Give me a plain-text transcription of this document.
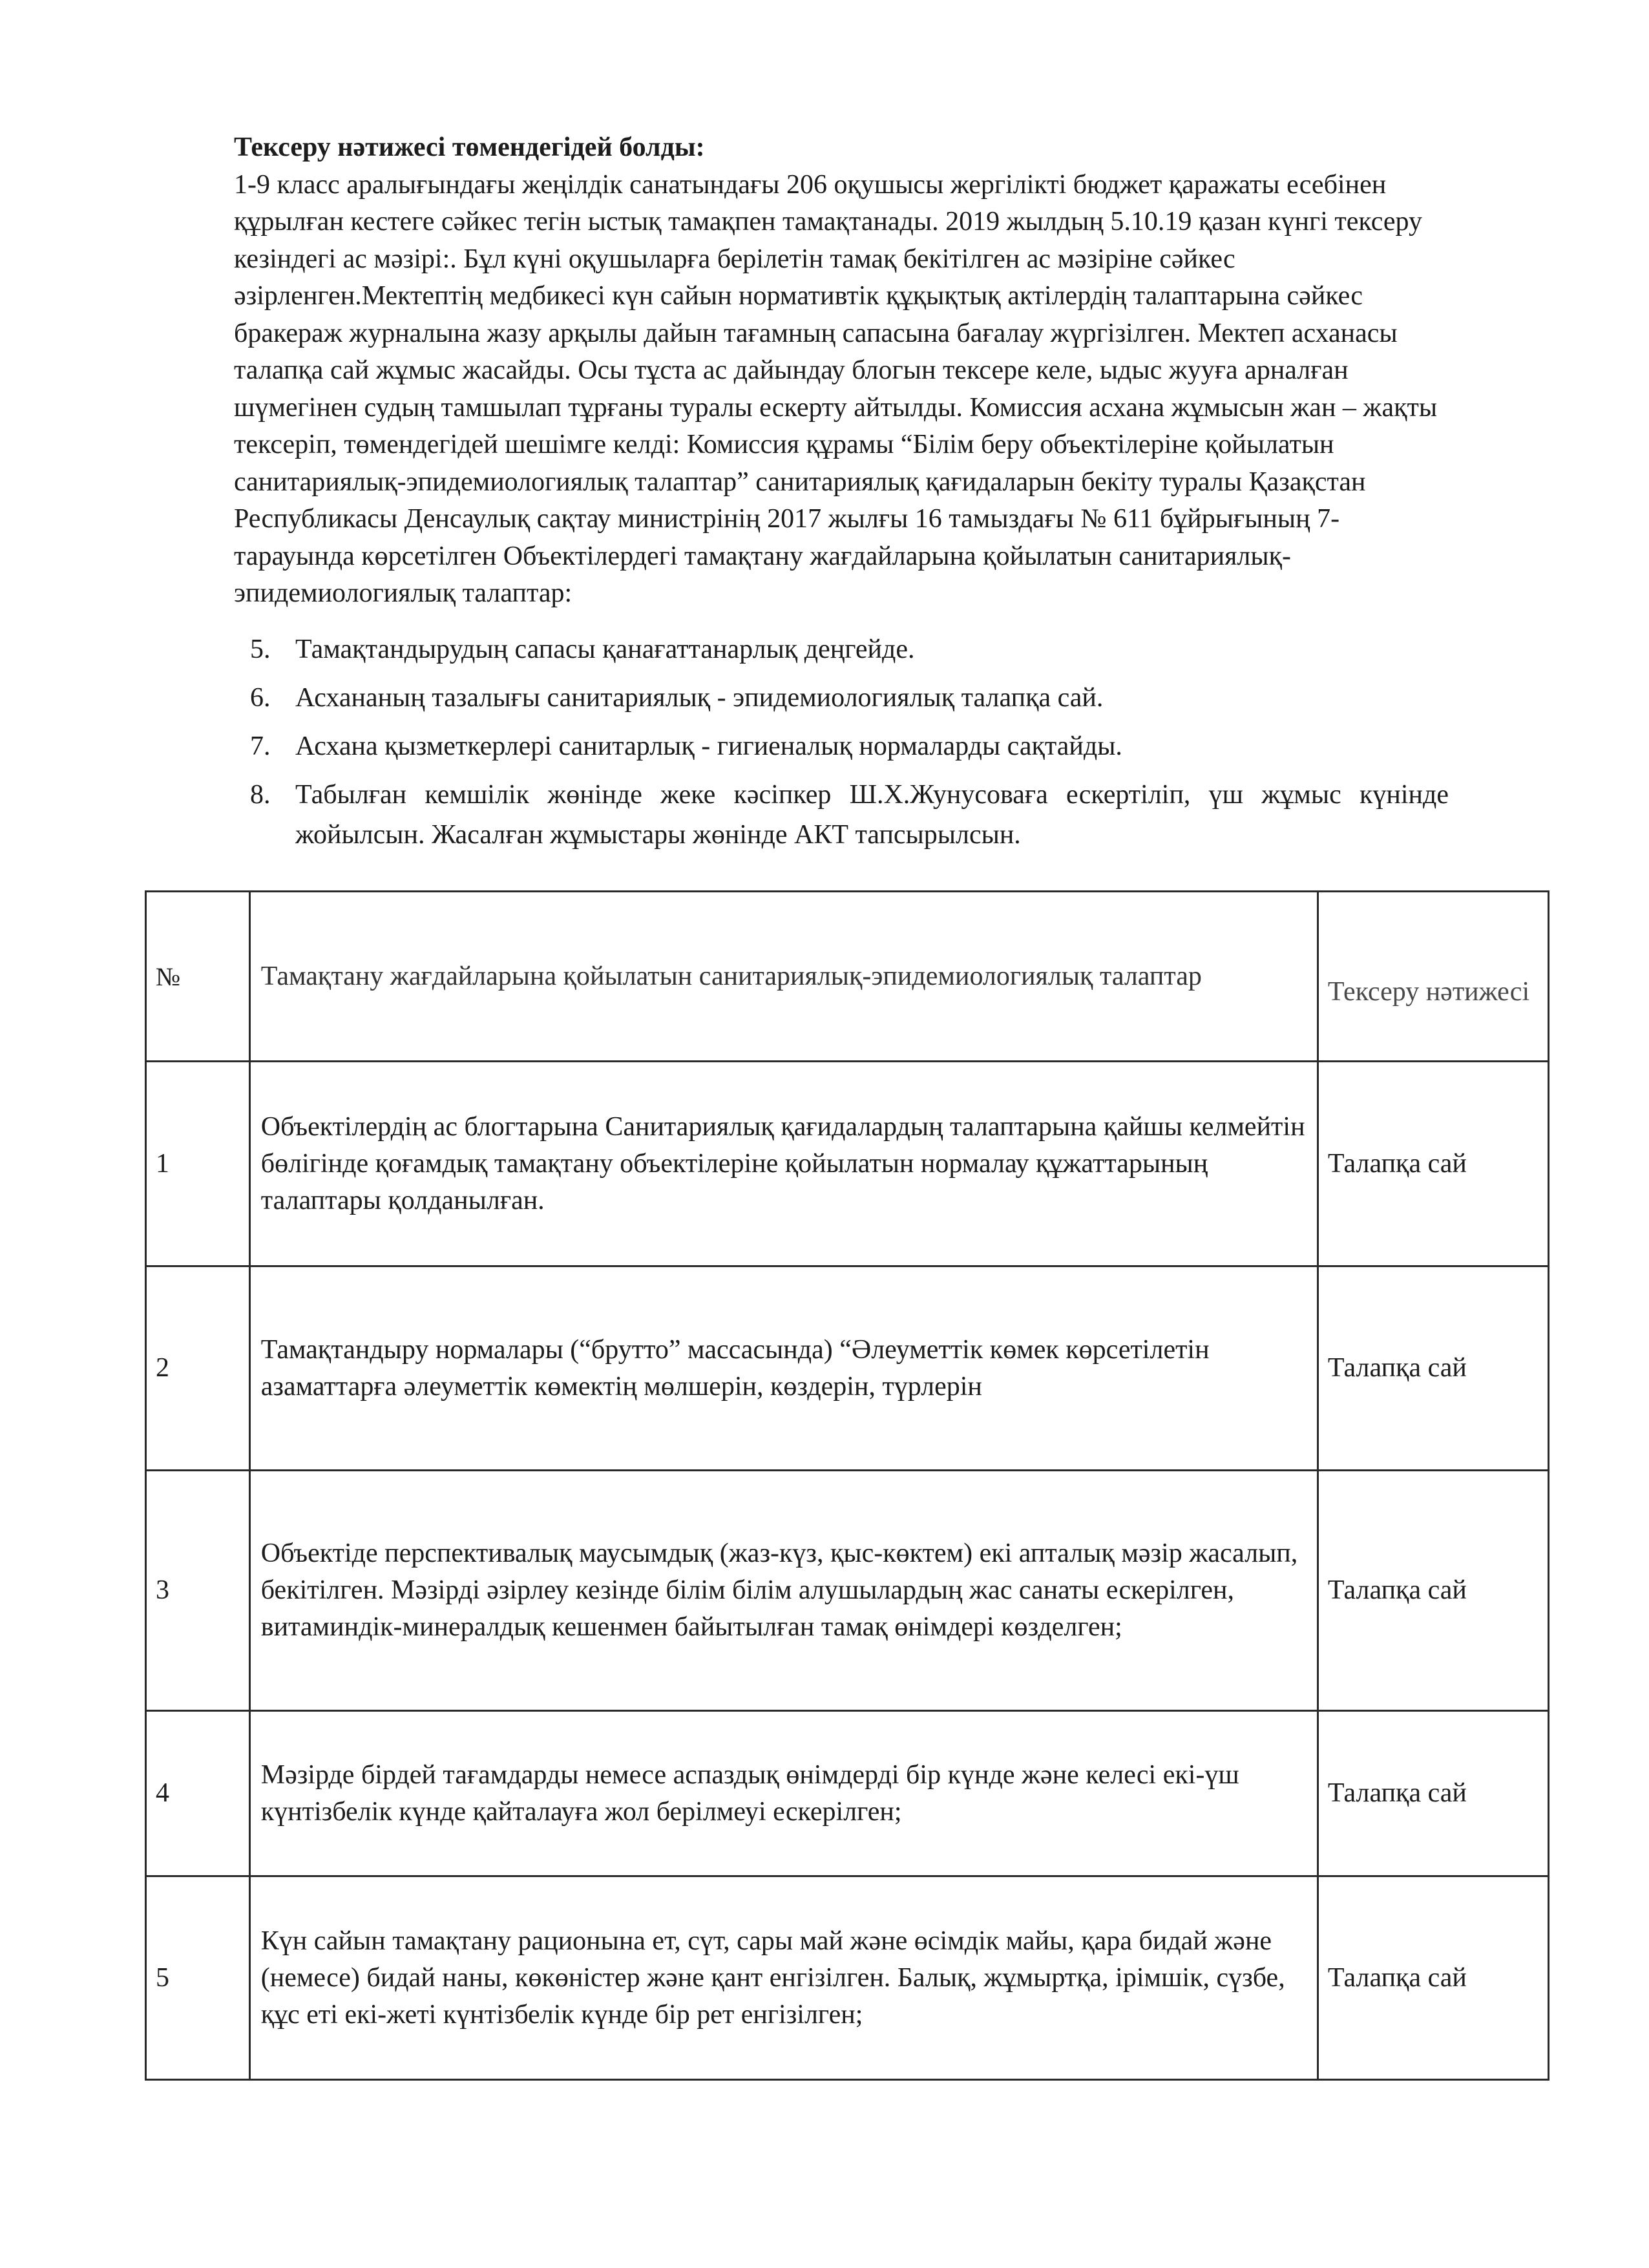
Тексеру нәтижесі төмендегідей болды:

1-9 класс аралығындағы жеңілдік санатындағы 206 оқушысы жергілікті бюджет қаражаты есебінен құрылған кестеге сәйкес тегін ыстық тамақпен тамақтанады. 2019 жылдың 5.10.19 қазан күнгі тексеру кезіндегі ас мәзірі:. Бұл күні оқушыларға берілетін тамақ бекітілген ас мәзіріне сәйкес әзірленген.Мектептің медбикесі күн сайын нормативтік құқықтық актілердің талаптарына сәйкес бракераж журналына жазу арқылы дайын тағамның сапасына бағалау жүргізілген. Мектеп асханасы талапқа сай жұмыс жасайды. Осы тұста ас дайындау блогын тексере келе, ыдыс жууға арналған шүмегінен судың тамшылап тұрғаны туралы ескерту айтылды. Комиссия асхана жұмысын жан – жақты тексеріп, төмендегідей шешімге келді: Комиссия құрамы “Білім беру объектілеріне қойылатын санитариялық-эпидемиологиялық талаптар” санитариялық қағидаларын бекіту туралы Қазақстан Республикасы Денсаулық сақтау министрінің 2017 жылғы 16 тамыздағы № 611 бұйрығының 7-тарауында көрсетілген Объектілердегі тамақтану жағдайларына қойылатын санитариялық-эпидемиологиялық талаптар:

5. Тамақтандырудың сапасы қанағаттанарлық деңгейде.
6. Асхананың тазалығы санитариялық - эпидемиологиялық талапқа сай.
7. Асхана қызметкерлері санитарлық - гигиеналық нормаларды сақтайды.
8. Табылған кемшілік жөнінде жеке кәсіпкер Ш.Х.Жунусоваға ескертіліп, үш жұмыс күнінде жойылсын. Жасалған жұмыстары жөнінде АКТ тапсырылсын.
№	Тамақтану жағдайларына қойылатын санитариялық-эпидемиологиялық талаптар	Тексеру нәтижесі
1	Объектілердің ас блогтарына Санитариялық қағидалардың талаптарына қайшы келмейтін бөлігінде қоғамдық тамақтану объектілеріне қойылатын нормалау құжаттарының талаптары қолданылған.	Талапқа сай
2	Тамақтандыру нормалары (“брутто” массасында) “Әлеуметтік көмек көрсетілетін азаматтарға әлеуметтік көмектің мөлшерін, көздерін, түрлерін	Талапқа сай
3	Объектіде перспективалық маусымдық (жаз-күз, қыс-көктем) екі апталық мәзір жасалып, бекітілген. Мәзірді әзірлеу кезінде білім білім алушылардың жас санаты ескерілген, витаминдік-минералдық кешенмен байытылған тамақ өнімдері көзделген;	Талапқа сай
4	Мәзірде бірдей тағамдарды немесе аспаздық өнімдерді бір күнде және келесі екі-үш күнтізбелік күнде қайталауға жол берілмеуі ескерілген;	Талапқа сай
5	Күн сайын тамақтану рационына ет, сүт, сары май және өсімдік майы, қара бидай және (немесе) бидай наны, көкөністер және қант енгізілген. Балық, жұмыртқа, ірімшік, сүзбе, құс еті екі-жеті күнтізбелік күнде бір рет енгізілген;	Талапқа сай
